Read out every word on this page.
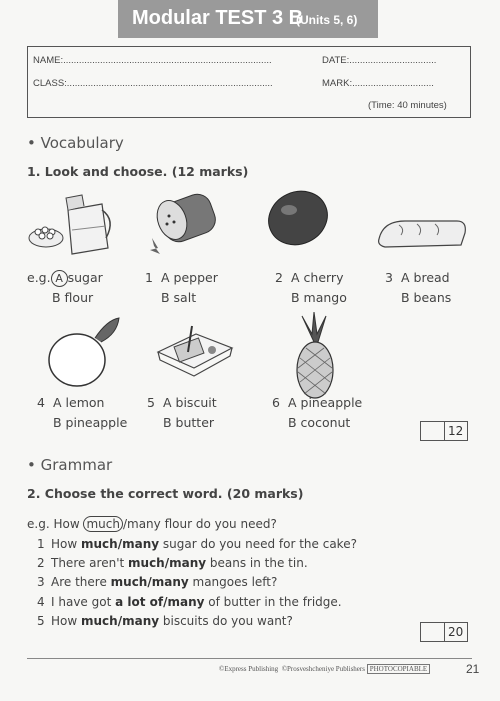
Modular TEST 3 B
(Units 5, 6)
NAME:...............................................................................	DATE:.................................
CLASS:..............................................................................	MARK:...............................
(Time: 40 minutes)
• Vocabulary
1. Look and choose. (12 marks)
e.g. A sugar
B flour
1 A pepper
B salt
2 A cherry
B mango
3 A bread
B beans
4 A lemon
B pineapple
5 A biscuit
B butter
6 A pineapple
B coconut
12
• Grammar
2. Choose the correct word. (20 marks)
e.g. How much /many flour do you need?
1 How much/many sugar do you need for the cake?
2 There aren't much/many beans in the tin.
3 Are there much/many mangoes left?
4 I have got a lot of/many of butter in the fridge.
5 How much/many biscuits do you want?
20
©Express Publishing ©Prosveshcheniye Publishers PHOTOCOPIABLE	21
